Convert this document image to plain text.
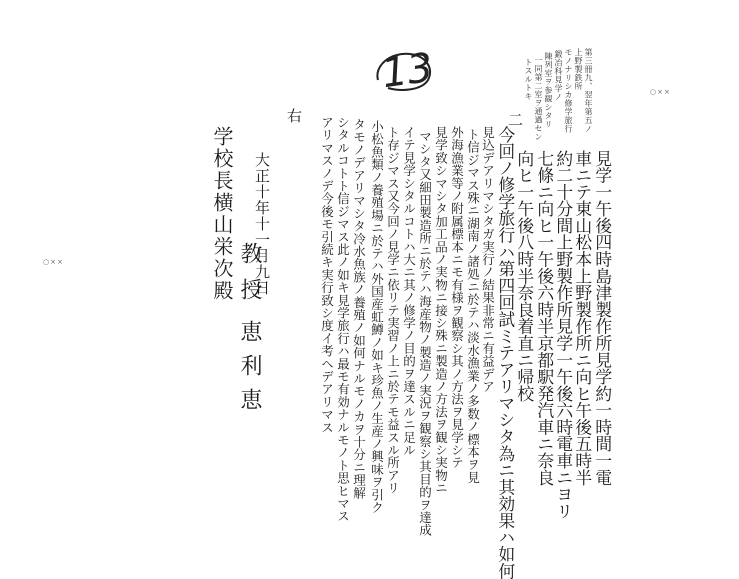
13
○××
○××
第三冊九、翌年第五ノ
上野製鉄所
モノナリシカ修学旅行
鍛冶科見学ノ
陳列室ヲ参観シタリ
一同第二室ヲ通過セン
トスルトキ
二
見学一午後四時島津製作所見学約一時間一電
車ニテ東山松本上野製作所ニ向ヒ午後五時半
約二十分間上野製作所見学一午後六時電車ニヨリ
七條ニ向ヒ一午後六時半京都駅発汽車ニ奈良
向ヒ一午後八時半奈良着直ニ帰校
今回ノ修学旅行ハ第四回試ミテアリマシタ為ニ其効果ハ如何
見込デアリマシタガ実行ノ結果非常ニ有益デア
ト信ジマス殊ニ湖南ノ諸処ニ於テハ淡水漁業ノ多数ノ標本ヲ見
外海漁業等ノ附属標本ニモ有様ヲ観察シ其ノ方法ヲ見学シテ
見学致シマシタ加工品ノ実物ニ接シ殊ニ製造ノ方法ヲ観シ実物ニ
マシタ又細田製造所ニ於テハ海産物ノ製造ノ実況ヲ観察シ其目的ヲ達成
イテ見学シタルコトハ大ニ其ノ修学ノ目的ヲ達スルニ足ル
ト存ジマス又今回ノ見学ニ依リテ実習ノ上ニ於テモ益スル所アリ
小松魚類ノ養殖場ニ於テハ外国産虹鱒ノ如キ珍魚ノ生産ノ興味ヲ引ク
タモノデアリマシタ冷水魚族ノ養殖ノ如何ナルモノカヲ十分ニ理解
シタルコトト信ジマス此ノ如キ見学旅行ハ最モ有効ナルモノト思ヒマス
アリマスノデ今後モ引続キ実行致シ度イ考ヘデアリマス
右
大正十年十一月九日
教授
恵利恵
学校長横山栄次殿
